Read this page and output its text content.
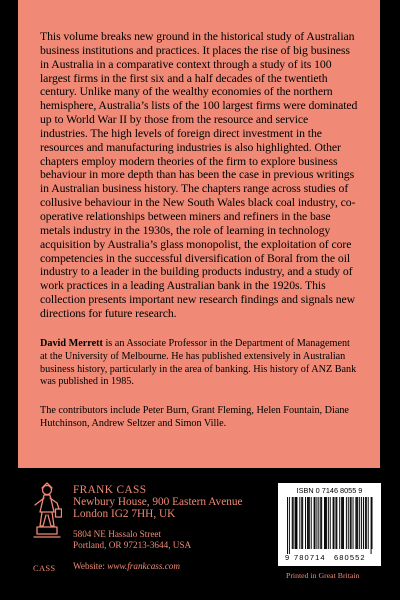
This volume breaks new ground in the historical study of Australian business institutions and practices. It places the rise of big business in Australia in a comparative context through a study of its 100 largest firms in the first six and a half decades of the twentieth century. Unlike many of the wealthy economies of the northern hemisphere, Australia’s lists of the 100 largest firms were dominated up to World War II by those from the resource and service industries. The high levels of foreign direct investment in the resources and manufacturing industries is also highlighted. Other chapters employ modern theories of the firm to explore business behaviour in more depth than has been the case in previous writings in Australian business history. The chapters range across studies of collusive behaviour in the New South Wales black coal industry, co-operative relationships between miners and refiners in the base metals industry in the 1930s, the role of learning in technology acquisition by Australia’s glass monopolist, the exploitation of core competencies in the successful diversification of Boral from the oil industry to a leader in the building products industry, and a study of work practices in a leading Australian bank in the 1920s. This collection presents important new research findings and signals new directions for future research.

David Merrett is an Associate Professor in the Department of Management at the University of Melbourne. He has published extensively in Australian business history, particularly in the area of banking. His history of ANZ Bank was published in 1985.

The contributors include Peter Burn, Grant Fleming, Helen Fountain, Diane Hutchinson, Andrew Seltzer and Simon Ville.

CASS
FRANK CASS
Newbury House, 900 Eastern Avenue
London IG2 7HH, UK
5804 NE Hassalo Street
Portland, OR 97213-3644, USA
Website: www.frankcass.com
ISBN 0 7146 8055 9
9 780714 680552
Printed in Great Britain
